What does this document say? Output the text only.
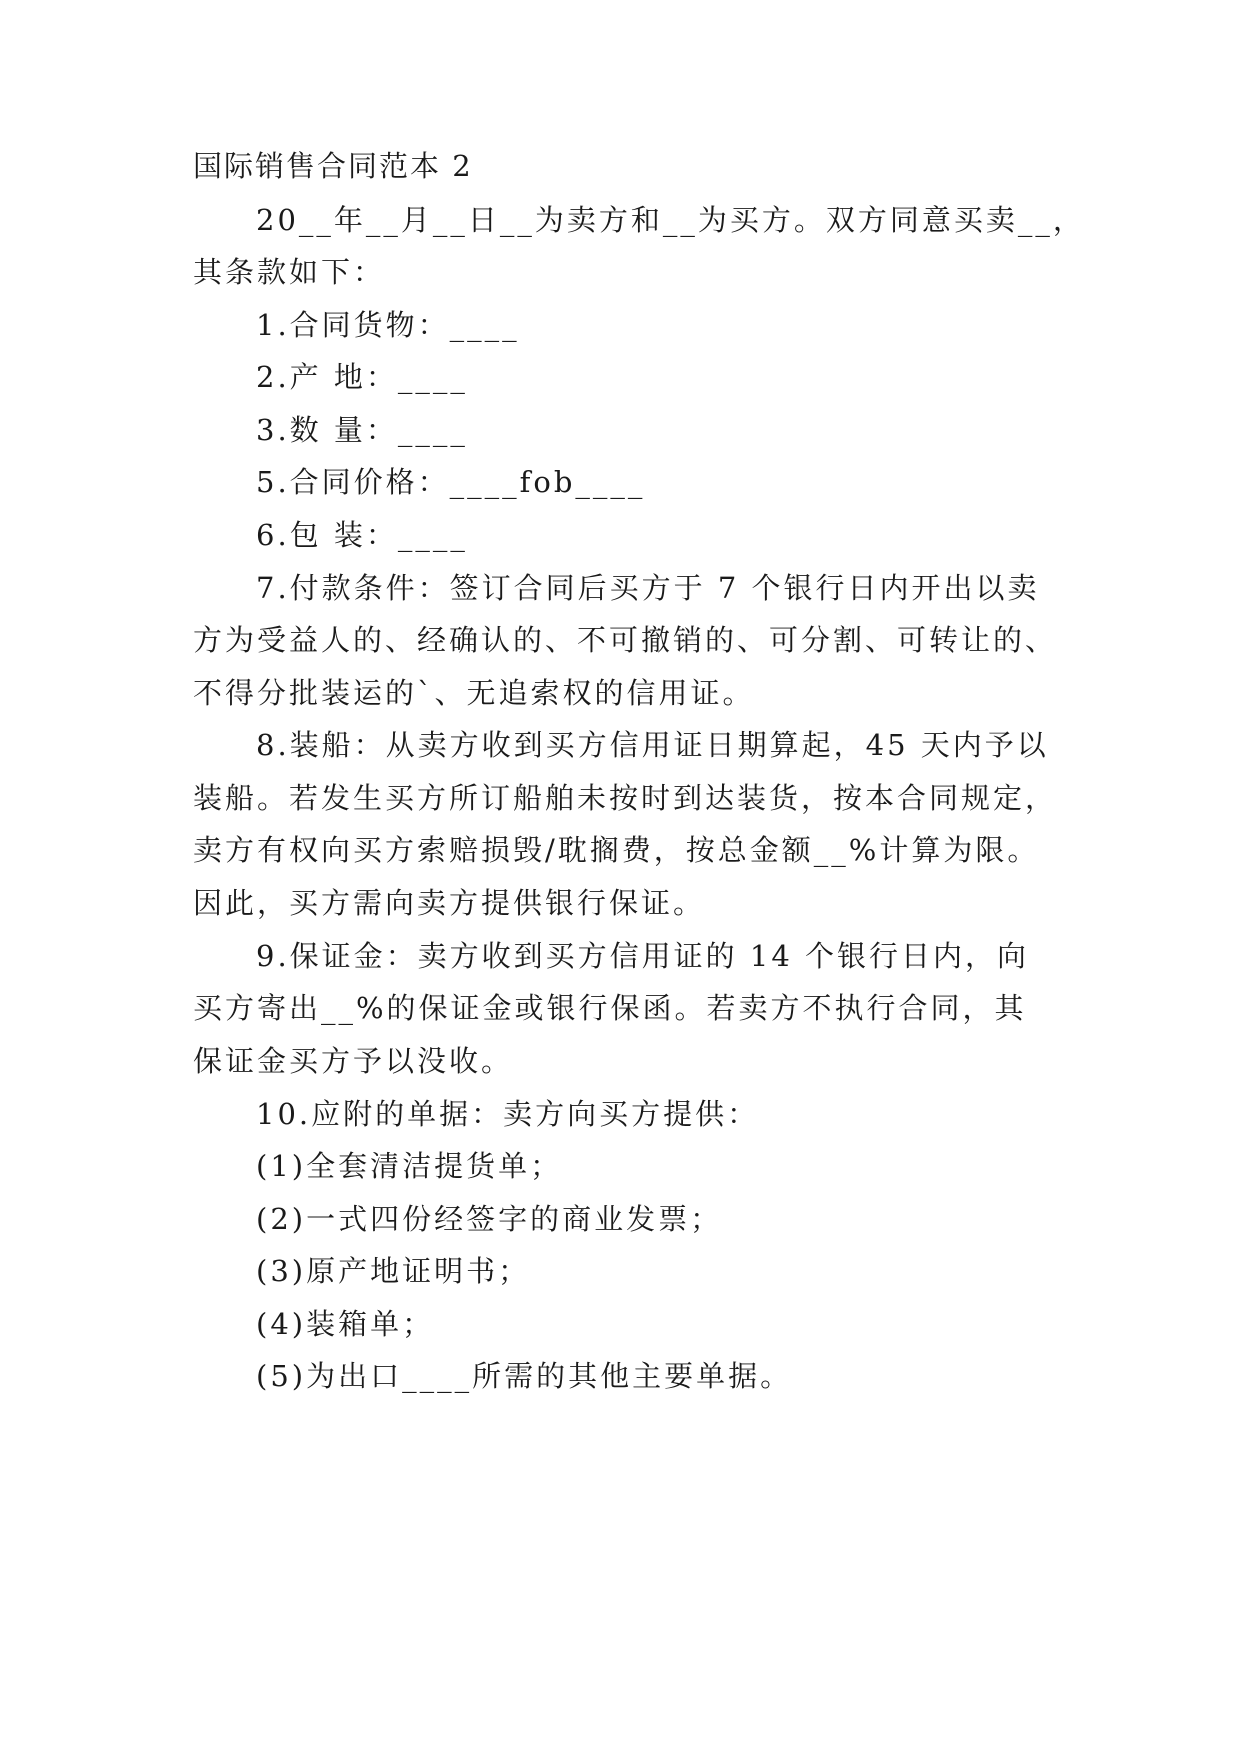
国际销售合同范本 2
20__年__月__日__为卖方和__为买方。双方同意买卖__，
其条款如下：
1.合同货物：____
2.产 地：____
3.数 量：____
5.合同价格：____fob____
6.包 装：____
7.付款条件：签订合同后买方于 7 个银行日内开出以卖
方为受益人的、经确认的、不可撤销的、可分割、可转让的、
不得分批装运的`、无追索权的信用证。
8.装船：从卖方收到买方信用证日期算起，45 天内予以
装船。若发生买方所订船舶未按时到达装货，按本合同规定，
卖方有权向买方索赔损毁/耽搁费，按总金额__%计算为限。
因此，买方需向卖方提供银行保证。
9.保证金：卖方收到买方信用证的 14 个银行日内，向
买方寄出__%的保证金或银行保函。若卖方不执行合同，其
保证金买方予以没收。
10.应附的单据：卖方向买方提供：
(1)全套清洁提货单；
(2)一式四份经签字的商业发票；
(3)原产地证明书；
(4)装箱单；
(5)为出口____所需的其他主要单据。
